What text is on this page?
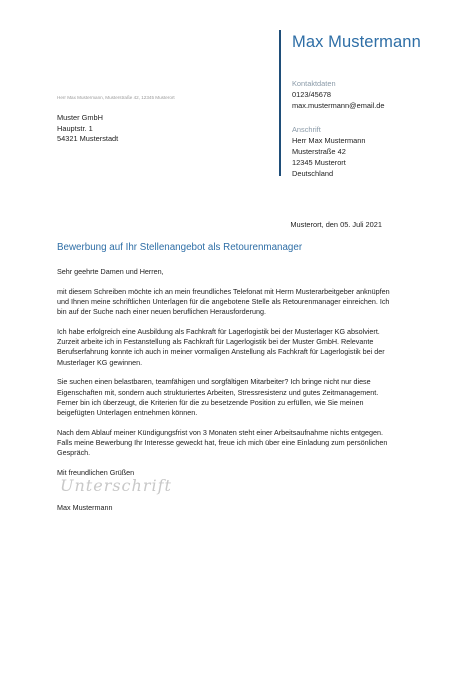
Max Mustermann
Kontaktdaten
0123/45678
max.mustermann@email.de
Anschrift
Herr Max Mustermann
Musterstraße 42
12345 Musterort
Deutschland
Herr Max Mustermann, Musterstraße 42, 12345 Musterort
Muster GmbH
Hauptstr. 1
54321 Musterstadt
Musterort, den 05. Juli 2021
Bewerbung auf Ihr Stellenangebot als Retourenmanager

Sehr geehrte Damen und Herren,

mit diesem Schreiben möchte ich an mein freundliches Telefonat mit Herrn Musterarbeitgeber anknüpfen und Ihnen meine schriftlichen Unterlagen für die angebotene Stelle als Retourenmanager einreichen. Ich bin auf der Suche nach einer neuen beruflichen Herausforderung.

Ich habe erfolgreich eine Ausbildung als Fachkraft für Lagerlogistik bei der Musterlager KG absolviert. Zurzeit arbeite ich in Festanstellung als Fachkraft für Lagerlogistik bei der Muster GmbH. Relevante Berufserfahrung konnte ich auch in meiner vormaligen Anstellung als Fachkraft für Lagerlogistik bei der Musterlager KG gewinnen.

Sie suchen einen belastbaren, teamfähigen und sorgfältigen Mitarbeiter? Ich bringe nicht nur diese Eigenschaften mit, sondern auch strukturiertes Arbeiten, Stressresistenz und gutes Zeitmanagement. Ferner bin ich überzeugt, die Kriterien für die zu besetzende Position zu erfüllen, wie Sie meinen beigefügten Unterlagen entnehmen können.

Nach dem Ablauf meiner Kündigungsfrist von 3 Monaten steht einer Arbeitsaufnahme nichts entgegen. Falls meine Bewerbung Ihr Interesse geweckt hat, freue ich mich über eine Einladung zum persönlichen Gespräch.

Mit freundlichen Grüßen

Unterschrift
Max Mustermann
